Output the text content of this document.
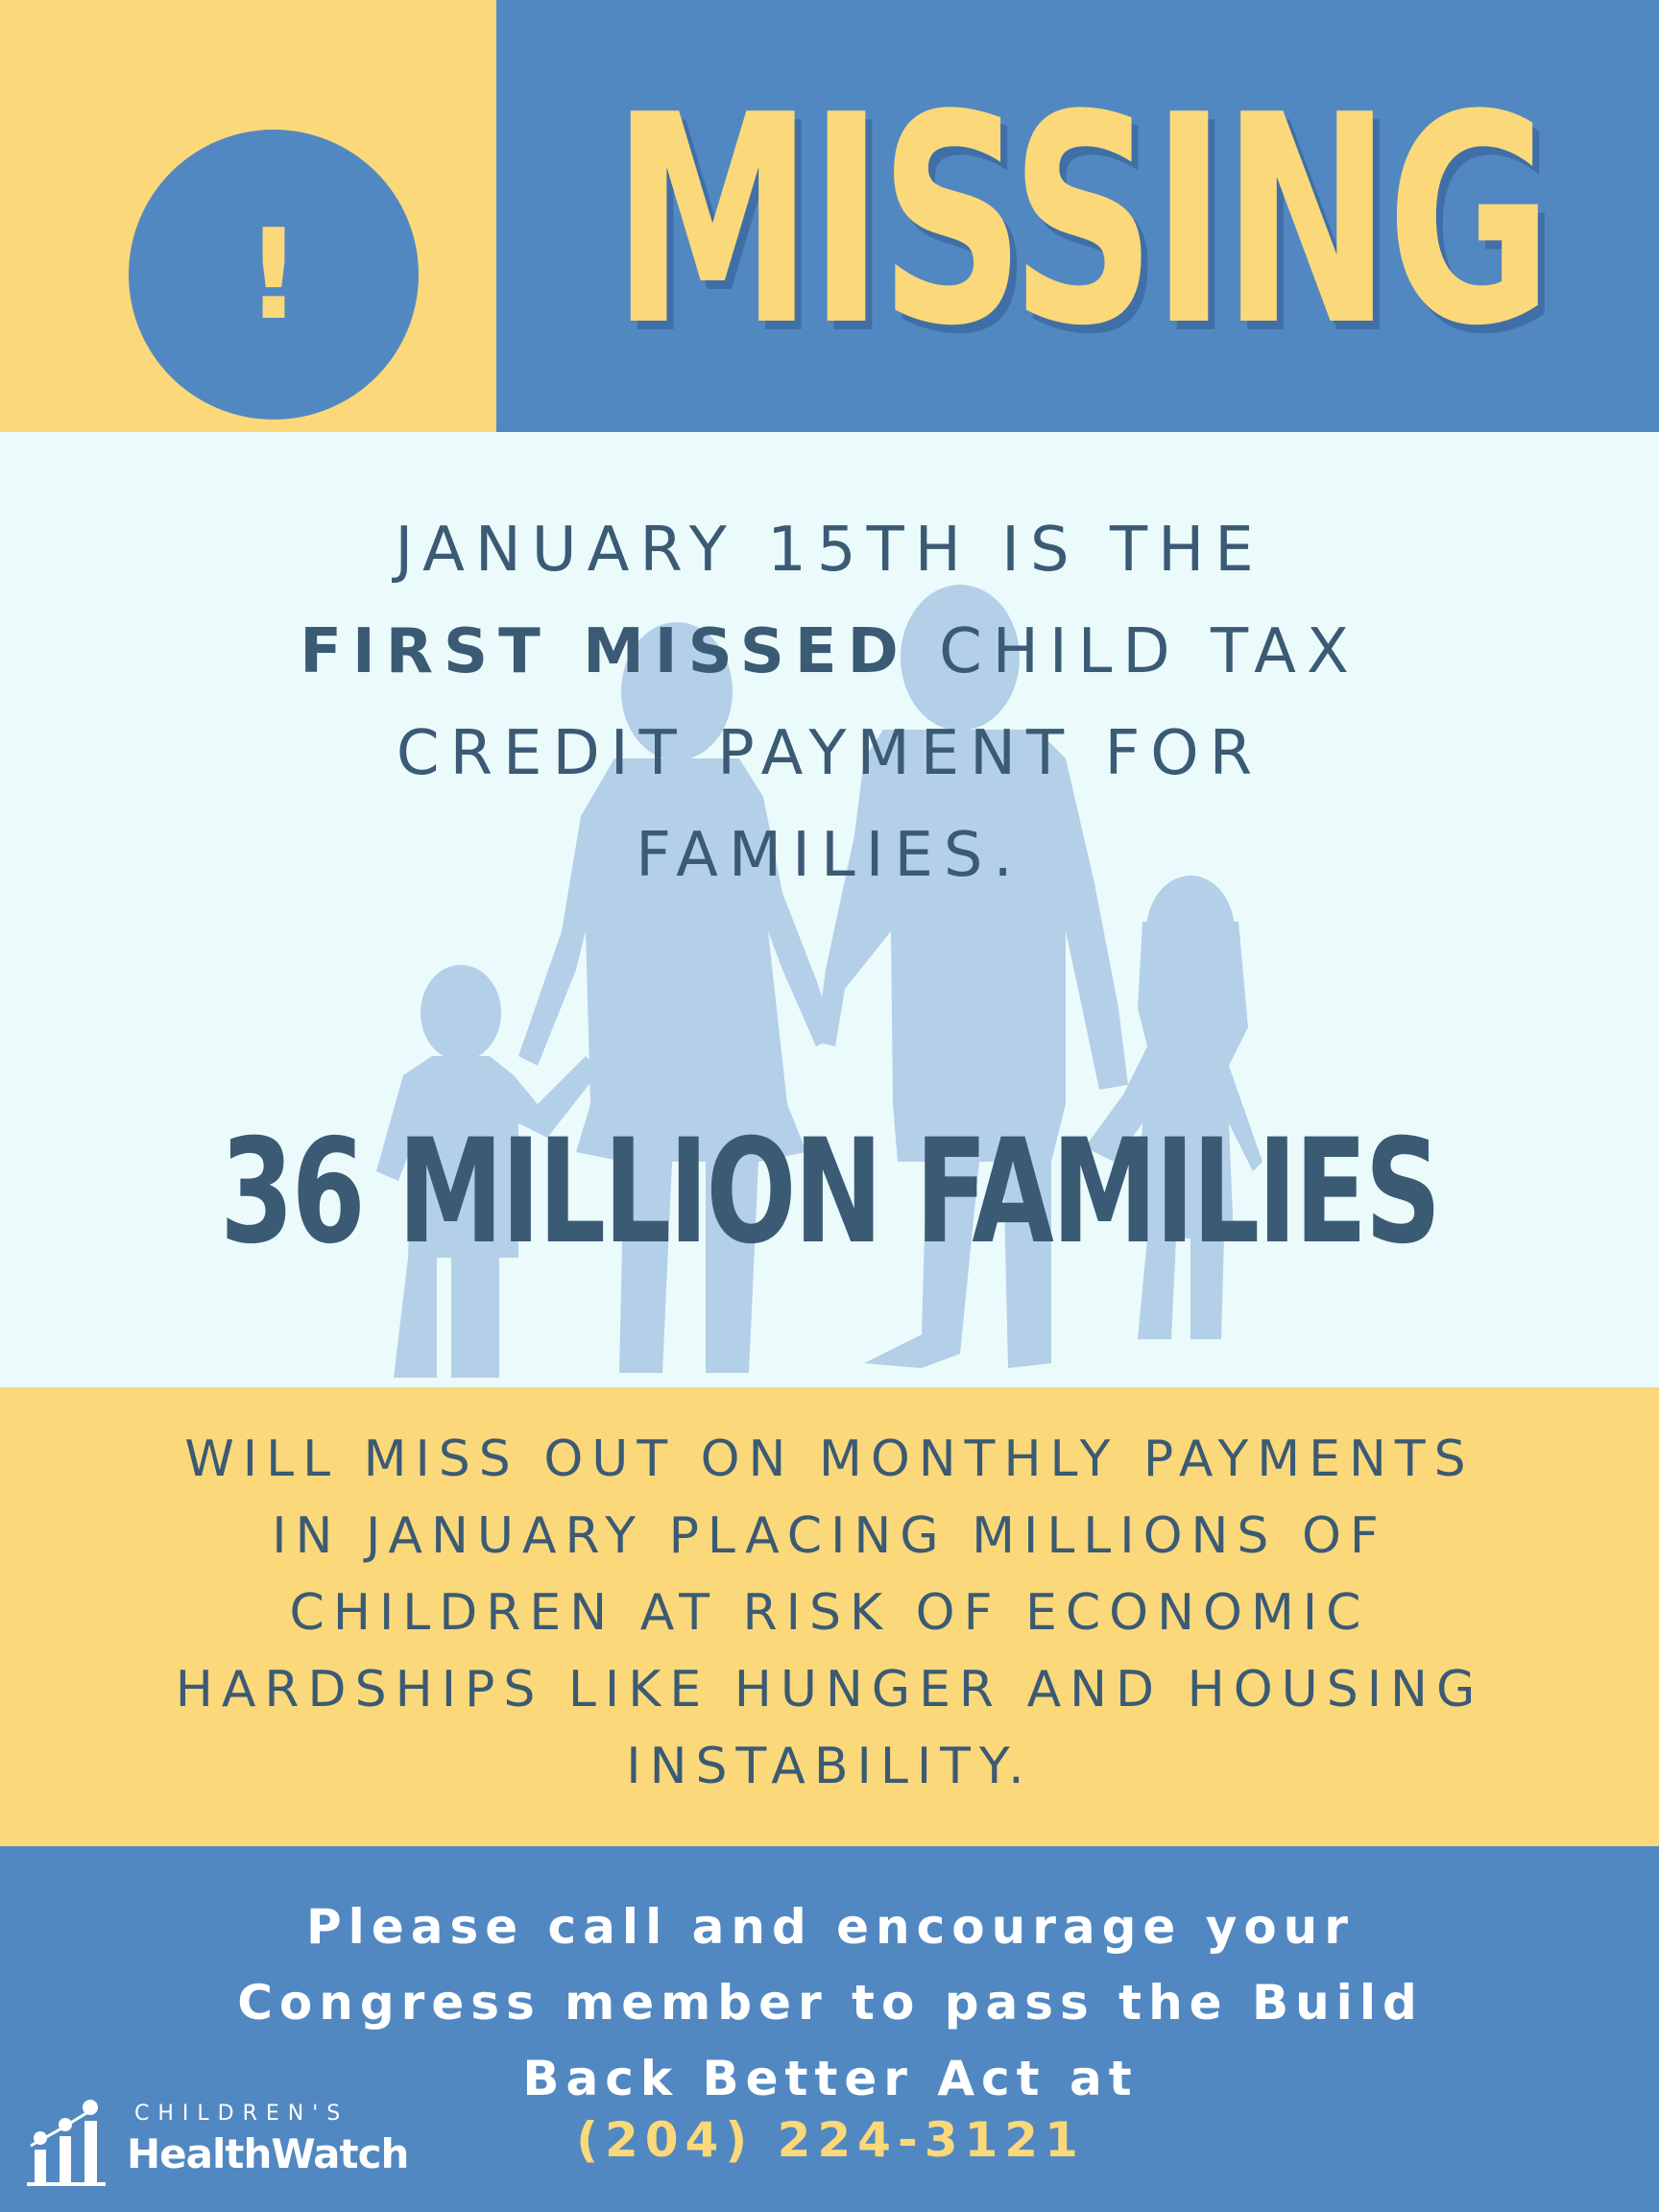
! MISSING
JANUARY 15TH IS THE
FIRST MISSED CHILD TAX
CREDIT PAYMENT FOR
FAMILIES.
36 MILLION FAMILIES
WILL MISS OUT ON MONTHLY PAYMENTS
IN JANUARY PLACING MILLIONS OF
CHILDREN AT RISK OF ECONOMIC
HARDSHIPS LIKE HUNGER AND HOUSING
INSTABILITY.
Please call and encourage your
Congress member to pass the Build
Back Better Act at
(204) 224-3121
CHILDREN'S
HealthWatch
